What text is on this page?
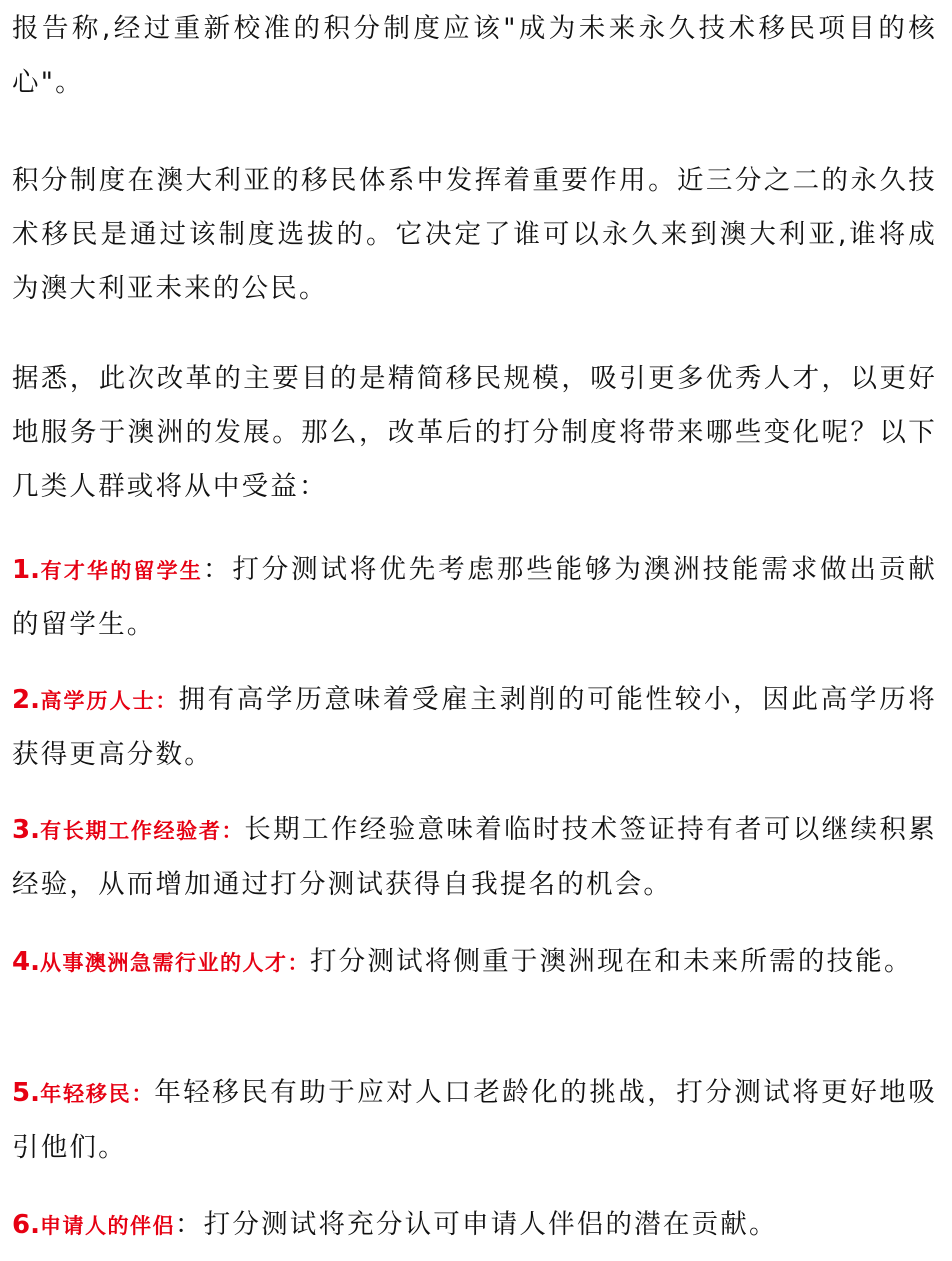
报告称,经过重新校准的积分制度应该"成为未来永久技术移民项目的核心"。

积分制度在澳大利亚的移民体系中发挥着重要作用。近三分之二的永久技术移民是通过该制度选拔的。它决定了谁可以永久来到澳大利亚,谁将成为澳大利亚未来的公民。

据悉，此次改革的主要目的是精简移民规模，吸引更多优秀人才，以更好地服务于澳洲的发展。那么，改革后的打分制度将带来哪些变化呢？以下几类人群或将从中受益：

1.有才华的留学生：打分测试将优先考虑那些能够为澳洲技能需求做出贡献的留学生。

2.高学历人士：拥有高学历意味着受雇主剥削的可能性较小，因此高学历将获得更高分数。

3.有长期工作经验者：长期工作经验意味着临时技术签证持有者可以继续积累经验，从而增加通过打分测试获得自我提名的机会。

4.从事澳洲急需行业的人才：打分测试将侧重于澳洲现在和未来所需的技能。

5.年轻移民：年轻移民有助于应对人口老龄化的挑战，打分测试将更好地吸引他们。

6.申请人的伴侣：打分测试将充分认可申请人伴侣的潜在贡献。
